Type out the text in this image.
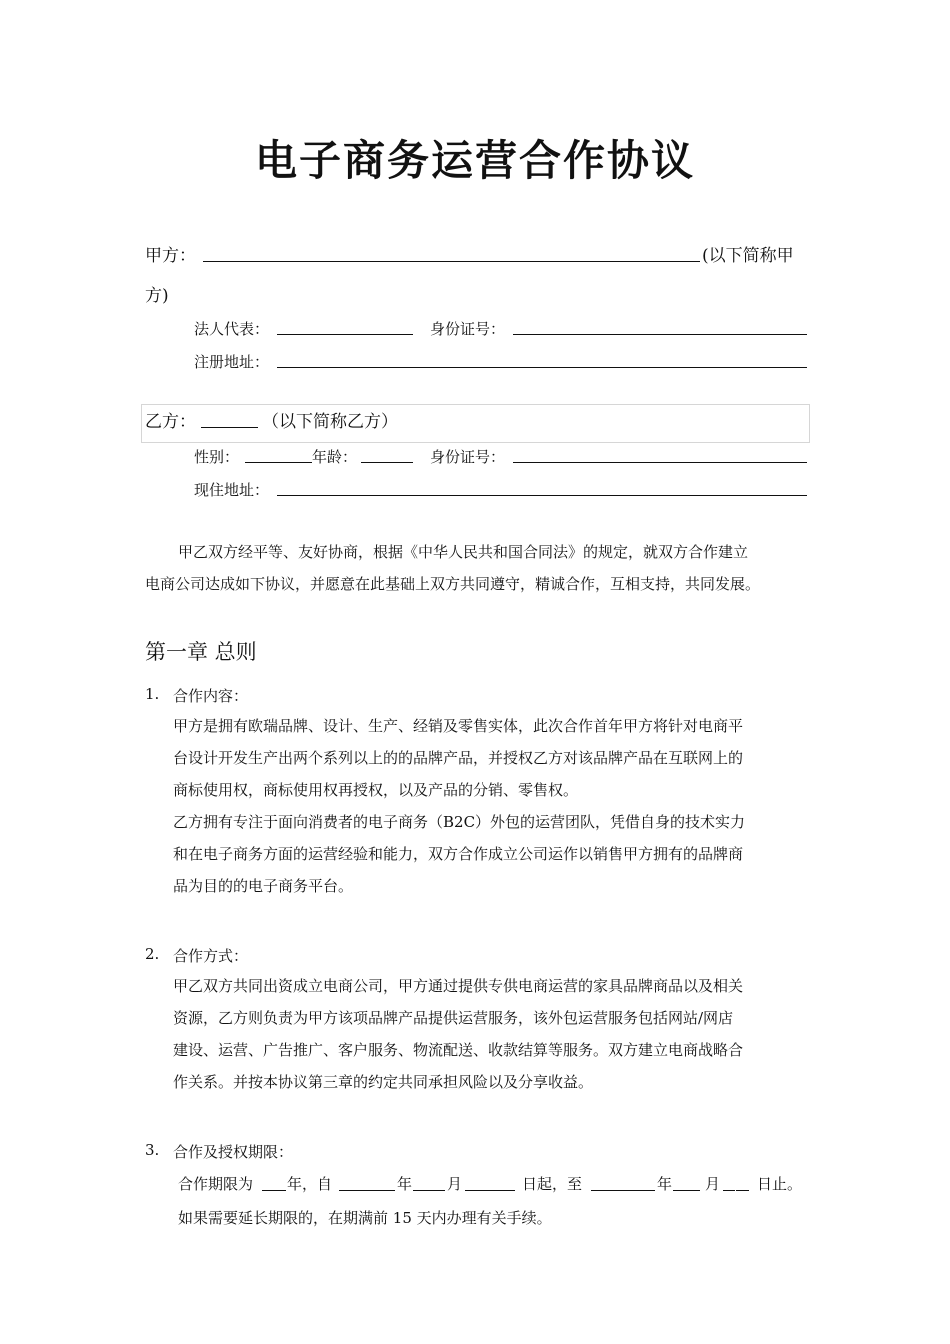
电子商务运营合作协议
甲方：	(以下简称甲
方)
法人代表：	身份证号：
注册地址：
乙方：	（以下简称乙方）
性别：	年龄：	身份证号：
现住地址：
甲乙双方经平等、友好协商，根据《中华人民共和国合同法》的规定，就双方合作建立
电商公司达成如下协议，并愿意在此基础上双方共同遵守，精诚合作，互相支持，共同发展。
第一章 总则
1. 合作内容：
甲方是拥有欧瑞品牌、设计、生产、经销及零售实体，此次合作首年甲方将针对电商平
台设计开发生产出两个系列以上的的品牌产品，并授权乙方对该品牌产品在互联网上的
商标使用权，商标使用权再授权，以及产品的分销、零售权。
乙方拥有专注于面向消费者的电子商务（B2C）外包的运营团队，凭借自身的技术实力
和在电子商务方面的运营经验和能力，双方合作成立公司运作以销售甲方拥有的品牌商
品为目的的电子商务平台。
2. 合作方式：
甲乙双方共同出资成立电商公司，甲方通过提供专供电商运营的家具品牌商品以及相关
资源，乙方则负责为甲方该项品牌产品提供运营服务，该外包运营服务包括网站/网店
建设、运营、广告推广、客户服务、物流配送、收款结算等服务。双方建立电商战略合
作关系。并按本协议第三章的约定共同承担风险以及分享收益。
3. 合作及授权期限：
合作期限为 年，自	年 月	日起，至	年 月 日止。
如果需要延长期限的，在期满前 15 天内办理有关手续。
